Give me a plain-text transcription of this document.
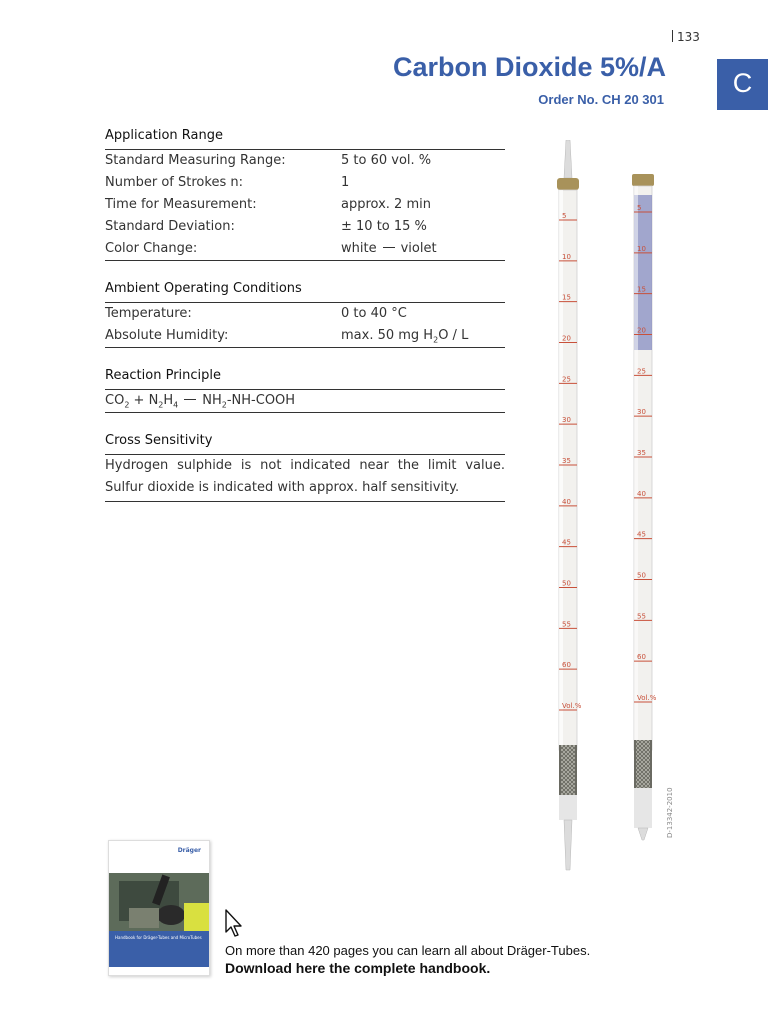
133
Carbon Dioxide 5%/A
Order No. CH 20 301
C
Application Range
Standard Measuring Range:	5 to 60 vol. %
Number of Strokes n:	1
Time for Measurement:	approx. 2 min
Standard Deviation:	± 10 to 15 %
Color Change:	white violet
Ambient Operating Conditions
Temperature:	0 to 40 °C
Absolute Humidity:	max. 50 mg $H_2O$ / L
Reaction Principle
$CO_2 + N_2H_4$ $NH_2-NH$-COOH
Cross Sensitivity
Hydrogen sulphide is not indicated near the limit value. Sulfur dioxide is indicated with approx. half sensitivity.
5
10
15
20
25
30
35
40
45
50
55
60
Vol.%
5
10
15
20
25
30
35
40
45
50
55
60
Vol.%
D-13342-2010
Dräger
Handbook for Dräger-Tubes and MicroTubes
On more than 420 pages you can learn all about Dräger-Tubes.
Download here the complete handbook.
